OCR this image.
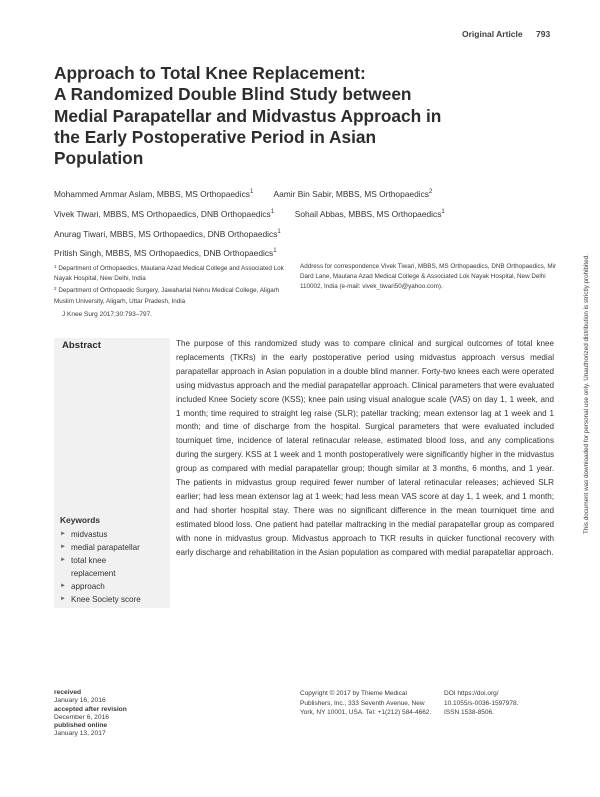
Original Article 793
Approach to Total Knee Replacement:
A Randomized Double Blind Study between
Medial Parapatellar and Midvastus Approach in
the Early Postoperative Period in Asian
Population
Mohammed Ammar Aslam, MBBS, MS Orthopaedics$^1$ Aamir Bin Sabir, MBBS, MS Orthopaedics$^2$
Vivek Tiwari, MBBS, MS Orthopaedics, DNB Orthopaedics$^1$ Sohail Abbas, MBBS, MS Orthopaedics$^1$
Anurag Tiwari, MBBS, MS Orthopaedics, DNB Orthopaedics$^1$
Pritish Singh, MBBS, MS Orthopaedics, DNB Orthopaedics$^1$
$^1$ Department of Orthopaedics, Maulana Azad Medical College and Associated Lok Nayak Hospital, New Delhi, India
$^2$ Department of Orthopaedic Surgery, Jawaharlal Nehru Medical College, Aligarh Muslim University, Aligarh, Uttar Pradesh, India
Address for correspondence Vivek Tiwari, MBBS, MS Orthopaedics, DNB Orthopaedics, Mir Dard Lane, Maulana Azad Medical College & Associated Lok Nayak Hospital, New Delhi 110002, India (e-mail: vivek_tiwari50@yahoo.com).
J Knee Surg 2017;30:793–797.
Abstract
Keywords
► midvastus
► medial parapatellar
► total knee replacement
► approach
► Knee Society score

The purpose of this randomized study was to compare clinical and surgical outcomes of total knee replacements (TKRs) in the early postoperative period using midvastus approach versus medial parapatellar approach in Asian population in a double blind manner. Forty-two knees each were operated using midvastus approach and the medial parapatellar approach. Clinical parameters that were evaluated included Knee Society score (KSS); knee pain using visual analogue scale (VAS) on day 1, 1 week, and 1 month; time required to straight leg raise (SLR); patellar tracking; mean extensor lag at 1 week and 1 month; and time of discharge from the hospital. Surgical parameters that were evaluated included tourniquet time, incidence of lateral retinacular release, estimated blood loss, and any complications during the surgery. KSS at 1 week and 1 month postoperatively were significantly higher in the midvastus group as compared with medial parapatellar group; though similar at 3 months, 6 months, and 1 year. The patients in midvastus group required fewer number of lateral retinacular releases; achieved SLR earlier; had less mean extensor lag at 1 week; had less mean VAS score at day 1, 1 week, and 1 month; and had shorter hospital stay. There was no significant difference in the mean tourniquet time and estimated blood loss. One patient had patellar maltracking in the medial parapatellar group as compared with none in midvastus group. Midvastus approach to TKR results in quicker functional recovery with early discharge and rehabilitation in the Asian population as compared with medial parapatellar approach.

received
January 16, 2016
accepted after revision
December 6, 2016
published online
January 13, 2017
Copyright © 2017 by Thieme Medical Publishers, Inc., 333 Seventh Avenue, New York, NY 10001, USA. Tel: +1(212) 584-4662.
DOI https://doi.org/
10.1055/s-0036-1597978.
ISSN 1538-8506.
This document was downloaded for personal use only. Unauthorized distribution is strictly prohibited.
